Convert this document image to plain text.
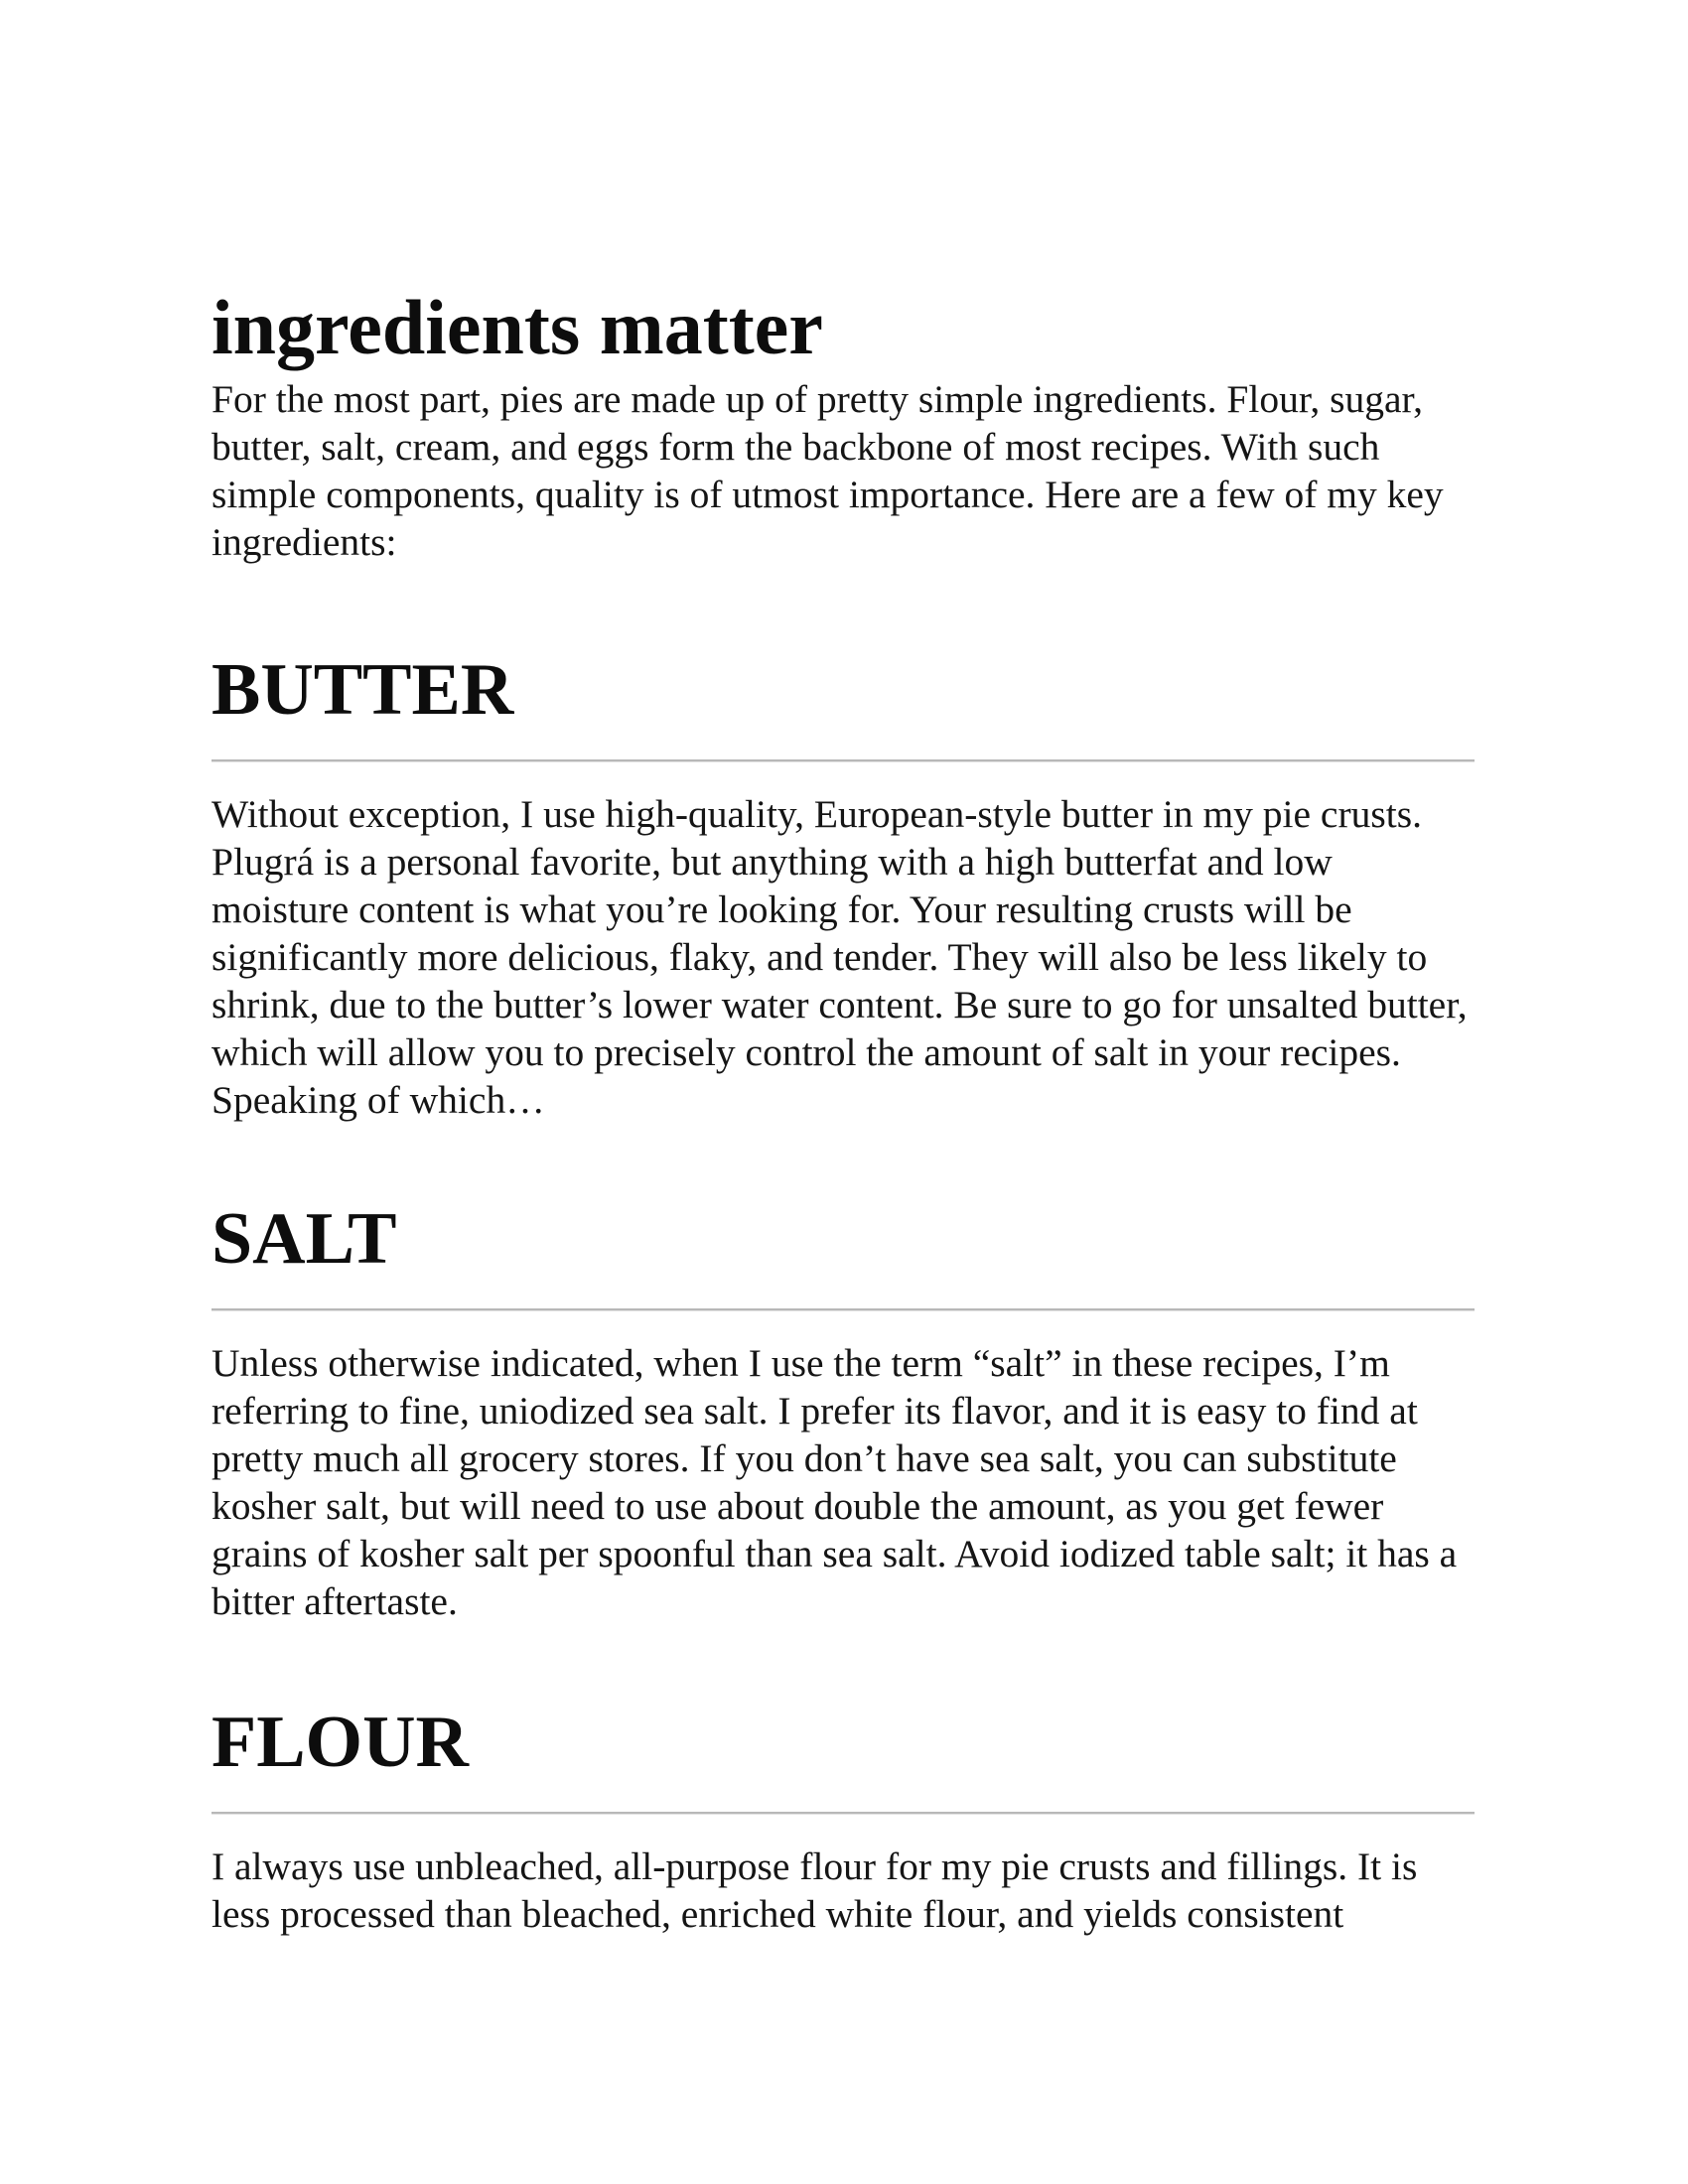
ingredients matter

For the most part, pies are made up of pretty simple ingredients. Flour, sugar, butter, salt, cream, and eggs form the backbone of most recipes. With such simple components, quality is of utmost importance. Here are a few of my key ingredients:

BUTTER

Without exception, I use high-quality, European-style butter in my pie crusts. Plugrá is a personal favorite, but anything with a high butterfat and low moisture content is what you’re looking for. Your resulting crusts will be significantly more delicious, flaky, and tender. They will also be less likely to shrink, due to the butter’s lower water content. Be sure to go for unsalted butter, which will allow you to precisely control the amount of salt in your recipes. Speaking of which…

SALT

Unless otherwise indicated, when I use the term “salt” in these recipes, I’m referring to fine, uniodized sea salt. I prefer its flavor, and it is easy to find at pretty much all grocery stores. If you don’t have sea salt, you can substitute kosher salt, but will need to use about double the amount, as you get fewer grains of kosher salt per spoonful than sea salt. Avoid iodized table salt; it has a bitter aftertaste.

FLOUR

I always use unbleached, all-purpose flour for my pie crusts and fillings. It is less processed than bleached, enriched white flour, and yields consistent
